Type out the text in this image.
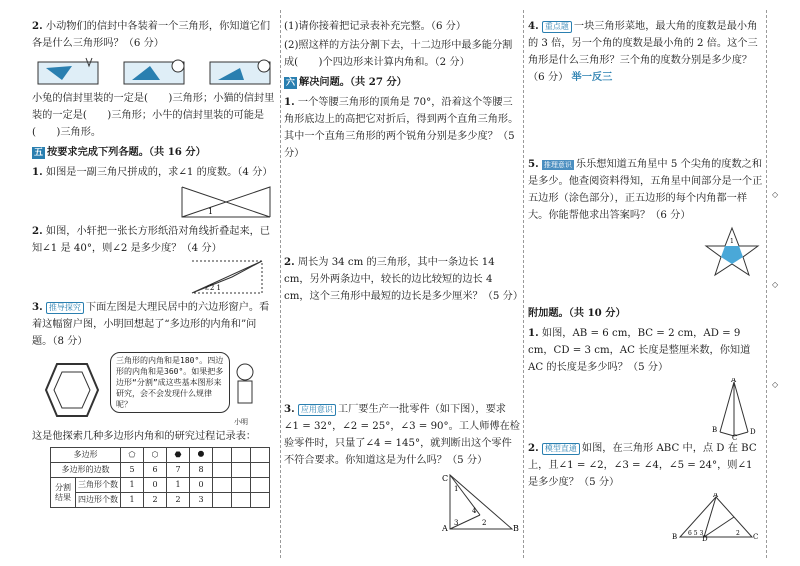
2. 小动物们的信封中各装着一个三角形，你知道它们各是什么三角形吗？（6 分）

小兔的信封里装的一定是(　　)三角形；小猫的信封里装的一定是(　　)三角形；小牛的信封里装的可能是(　　)三角形。

五 按要求完成下列各题。（共 16 分）

1. 如图是一副三角尺拼成的，求∠1 的度数。（4 分）

1

2. 如图，小轩把一张长方形纸沿对角线折叠起来，已知∠1 是 40°，则∠2 是多少度？（4 分）

∠2 1

3. 推导探究 下面左图是大理民居中的六边形窗户。看着这幅窗户图，小明回想起了“多边形的内角和”问题。（8 分）

三角形的内角和是180°。四边形的内角和是360°。如果把多边形“分割”成这些基本图形来研究，会不会发现什么规律呢？
小明

这是他探索几种多边形内角和的研究过程记录表：

多边形		⬠	⬡	⬣	⯃			
多边形的边数		5	6	7	8			
分割结果	三角形个数	1	0	1	0			
	四边形个数	1	2	2	3			

(1)请你接着把记录表补充完整。（6 分）

(2)照这样的方法分割下去，十二边形中最多能分割成(　　)个四边形来计算内角和。（2 分）

六 解决问题。（共 27 分）

1. 一个等腰三角形的顶角是 70°，沿着这个等腰三角形底边上的高把它对折后，得到两个直角三角形。其中一个直角三角形的两个锐角分别是多少度？（5 分）

2. 周长为 34 cm 的三角形，其中一条边长 14 cm，另外两条边中，较长的边比较短的边长 4 cm，这个三角形中最短的边长是多少厘米？（5 分）

3. 应用意识 工厂要生产一批零件（如下图），要求∠1 = 32°，∠2 = 25°，∠3 = 90°。工人师傅在检验零件时，只量了∠4 = 145°，就判断出这个零件不符合要求。你知道这是为什么吗？（5 分）

C
A	B
1
3	2
4

4. 重点题 一块三角形菜地，最大角的度数是最小角的 3 倍，另一个角的度数是最小角的 2 倍。这个三角形是什么三角形？三个角的度数分别是多少度？（6 分） 举一反三

5. 推理意识 乐乐想知道五角星中 5 个尖角的度数之和是多少。他查阅资料得知，五角星中间部分是一个正五边形（涂色部分），正五边形的每个内角都一样大。你能帮他求出答案吗？（6 分）

1

附加题。（共 10 分）

1. 如图，AB = 6 cm，BC = 2 cm，AD = 9 cm，CD = 3 cm，AC 长度是整厘米数，你知道 AC 的长度是多少吗？（5 分）

A
B
C
D

2. 模型直通 如图，在三角形 ABC 中，点 D 在 BC 上，且∠1 = ∠2，∠3 = ∠4，∠5 = 24°，则∠1 是多少度？（5 分）

A
B	D	C
6 5 3	2
◇
◇
◇
